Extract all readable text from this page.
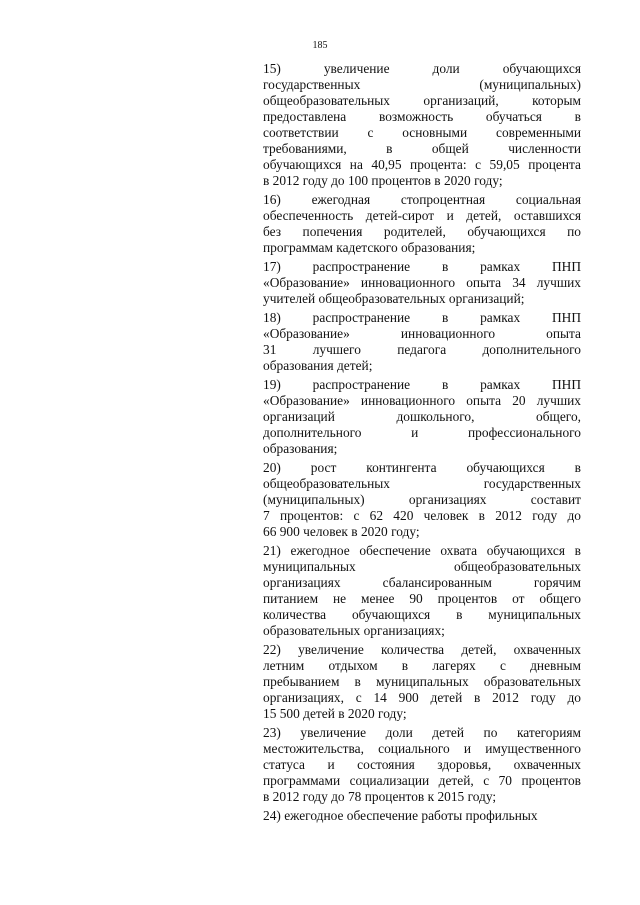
185
15) увеличение доли обучающихся
государственных (муниципальных)
общеобразовательных организаций, которым
предоставлена возможность обучаться в
соответствии с основными современными
требованиями, в общей численности
обучающихся на 40,95 процента: с 59,05 процента
в 2012 году до 100 процентов в 2020 году;
16) ежегодная стопроцентная социальная
обеспеченность детей-сирот и детей, оставшихся
без попечения родителей, обучающихся по
программам кадетского образования;
17) распространение в рамках ПНП
«Образование» инновационного опыта 34 лучших
учителей общеобразовательных организаций;
18) распространение в рамках ПНП
«Образование» инновационного опыта
31 лучшего педагога дополнительного
образования детей;
19) распространение в рамках ПНП
«Образование» инновационного опыта 20 лучших
организаций дошкольного, общего,
дополнительного и профессионального
образования;
20) рост контингента обучающихся в
общеобразовательных государственных
(муниципальных) организациях составит
7 процентов: с 62 420 человек в 2012 году до
66 900 человек в 2020 году;
21) ежегодное обеспечение охвата обучающихся в
муниципальных общеобразовательных
организациях сбалансированным горячим
питанием не менее 90 процентов от общего
количества обучающихся в муниципальных
образовательных организациях;
22) увеличение количества детей, охваченных
летним отдыхом в лагерях с дневным
пребыванием в муниципальных образовательных
организациях, с 14 900 детей в 2012 году до
15 500 детей в 2020 году;
23) увеличение доли детей по категориям
местожительства, социального и имущественного
статуса и состояния здоровья, охваченных
программами социализации детей, с 70 процентов
в 2012 году до 78 процентов к 2015 году;
24) ежегодное обеспечение работы профильных
